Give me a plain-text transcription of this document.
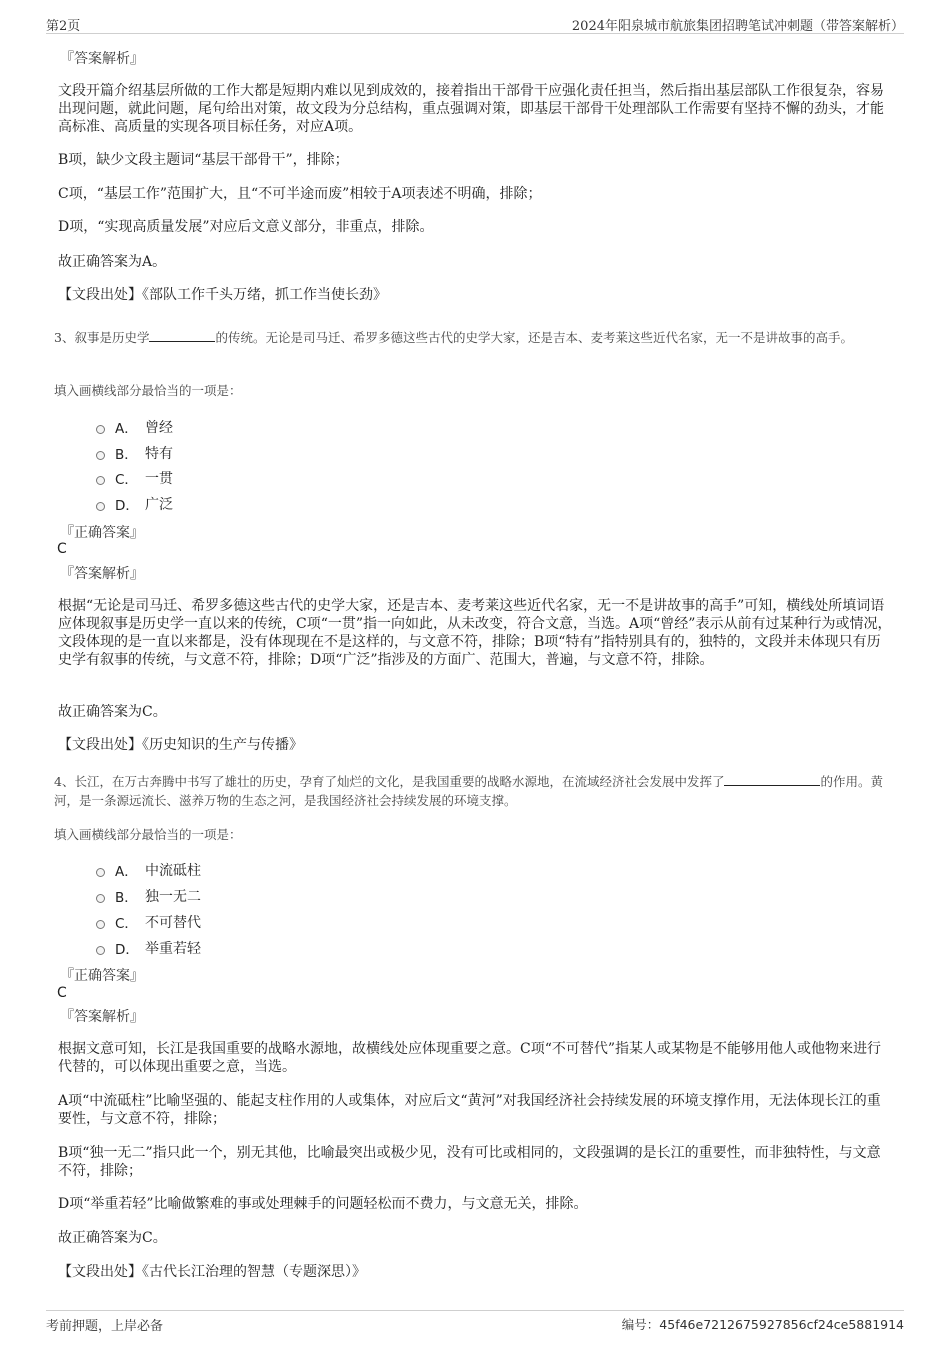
第2页	2024年阳泉城市航旅集团招聘笔试冲刺题（带答案解析）
『答案解析』
文段开篇介绍基层所做的工作大都是短期内难以见到成效的，接着指出干部骨干应强化责任担当，然后指出基层部队工作很复杂，容易出现问题，就此问题，尾句给出对策，故文段为分总结构，重点强调对策，即基层干部骨干处理部队工作需要有坚持不懈的劲头，才能高标准、高质量的实现各项目标任务，对应A项。
B项，缺少文段主题词“基层干部骨干”，排除；
C项，“基层工作”范围扩大，且“不可半途而废”相较于A项表述不明确，排除；
D项，“实现高质量发展”对应后文意义部分，非重点，排除。
故正确答案为A。
【文段出处】《部队工作千头万绪，抓工作当使长劲》
3、叙事是历史学	的传统。无论是司马迁、希罗多德这些古代的史学大家，还是吉本、麦考莱这些近代名家，无一不是讲故事的高手。
填入画横线部分最恰当的一项是：
A． 曾经
B． 特有
C． 一贯
D． 广泛
『正确答案』
C
『答案解析』
根据“无论是司马迁、希罗多德这些古代的史学大家，还是吉本、麦考莱这些近代名家，无一不是讲故事的高手”可知，横线处所填词语应体现叙事是历史学一直以来的传统，C项“一贯”指一向如此，从未改变，符合文意，当选。A项“曾经”表示从前有过某种行为或情况，文段体现的是一直以来都是，没有体现现在不是这样的，与文意不符，排除；B项“特有”指特别具有的，独特的，文段并未体现只有历史学有叙事的传统，与文意不符，排除；D项“广泛”指涉及的方面广、范围大，普遍，与文意不符，排除。
故正确答案为C。
【文段出处】《历史知识的生产与传播》
4、长江，在万古奔腾中书写了雄壮的历史，孕育了灿烂的文化，是我国重要的战略水源地，在流域经济社会发展中发挥了	的作用。黄河，是一条源远流长、滋养万物的生态之河，是我国经济社会持续发展的环境支撑。
填入画横线部分最恰当的一项是：
A． 中流砥柱
B． 独一无二
C． 不可替代
D． 举重若轻
『正确答案』
C
『答案解析』
根据文意可知，长江是我国重要的战略水源地，故横线处应体现重要之意。C项“不可替代”指某人或某物是不能够用他人或他物来进行代替的，可以体现出重要之意，当选。
A项“中流砥柱”比喻坚强的、能起支柱作用的人或集体，对应后文“黄河”对我国经济社会持续发展的环境支撑作用，无法体现长江的重要性，与文意不符，排除；
B项“独一无二”指只此一个，别无其他，比喻最突出或极少见，没有可比或相同的，文段强调的是长江的重要性，而非独特性，与文意不符，排除；
D项“举重若轻”比喻做繁难的事或处理棘手的问题轻松而不费力，与文意无关，排除。
故正确答案为C。
【文段出处】《古代长江治理的智慧（专题深思）》
考前押题，上岸必备	编号：45f46e7212675927856cf24ce5881914
